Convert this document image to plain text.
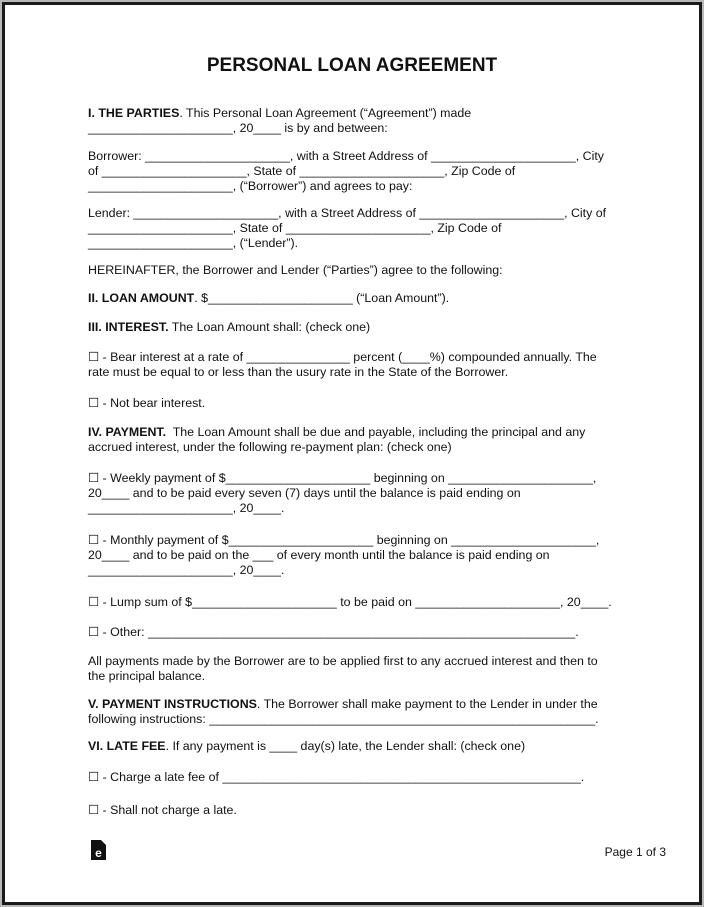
PERSONAL LOAN AGREEMENT
I. THE PARTIES. This Personal Loan Agreement (“Agreement”) made
_____________________, 20____ is by and between:
Borrower: _____________________, with a Street Address of _____________________, City
of _____________________, State of _____________________, Zip Code of
_____________________, (“Borrower”) and agrees to pay:
Lender: _____________________, with a Street Address of _____________________, City of
_____________________, State of _____________________, Zip Code of
_____________________, (“Lender”).
HEREINAFTER, the Borrower and Lender (“Parties”) agree to the following:
II. LOAN AMOUNT. $_____________________ (“Loan Amount”).
III. INTEREST. The Loan Amount shall: (check one)
☐ - Bear interest at a rate of _______________ percent (____%) compounded annually. The
rate must be equal to or less than the usury rate in the State of the Borrower.
☐ - Not bear interest.
IV. PAYMENT.  The Loan Amount shall be due and payable, including the principal and any
accrued interest, under the following re-payment plan: (check one)
☐ - Weekly payment of $_____________________ beginning on _____________________,
20____ and to be paid every seven (7) days until the balance is paid ending on
_____________________, 20____.
☐ - Monthly payment of $_____________________ beginning on _____________________,
20____ and to be paid on the ___ of every month until the balance is paid ending on
_____________________, 20____.
☐ - Lump sum of $_____________________ to be paid on _____________________, 20____.
☐ - Other: ______________________________________________________________.
All payments made by the Borrower are to be applied first to any accrued interest and then to
the principal balance.
V. PAYMENT INSTRUCTIONS. The Borrower shall make payment to the Lender in under the
following instructions: ________________________________________________________.
VI. LATE FEE. If any payment is ____ day(s) late, the Lender shall: (check one)
☐ - Charge a late fee of ____________________________________________________.
☐ - Shall not charge a late.
e	Page 1 of 3
